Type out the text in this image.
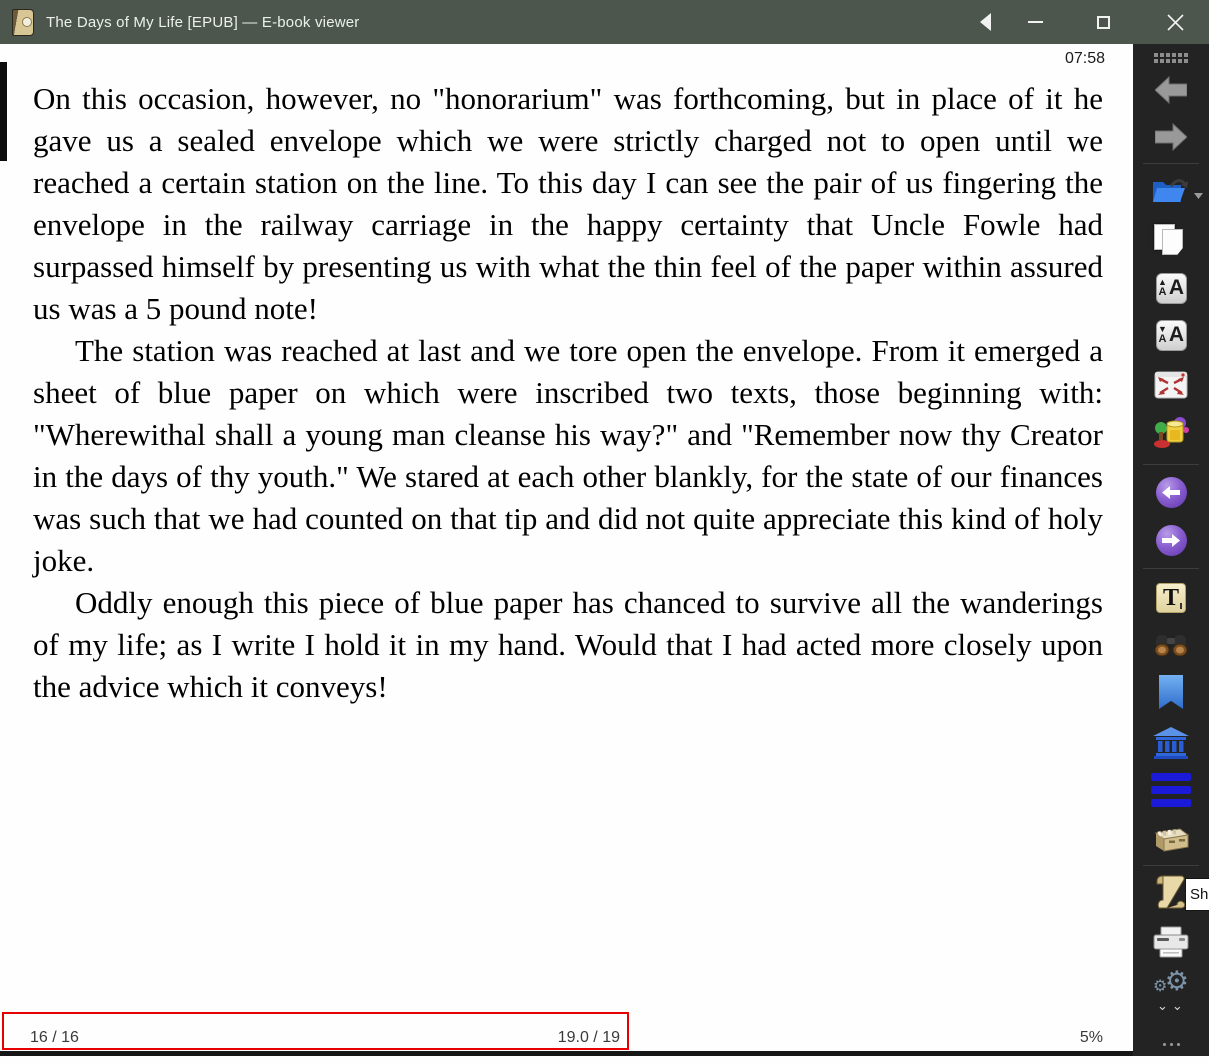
The Days of My Life [EPUB] — E-book viewer
07:58

On this occasion, however, no "honorarium" was forthcoming, but in place of it he gave us a sealed envelope which we were strictly charged not to open until we reached a certain station on the line. To this day I can see the pair of us fingering the envelope in the railway carriage in the happy certainty that Uncle Fowle had surpassed himself by presenting us with what the thin feel of the paper within assured us was a 5 pound note!

The station was reached at last and we tore open the envelope. From it emerged a sheet of blue paper on which were inscribed two texts, those beginning with: "Wherewithal shall a young man cleanse his way?" and "Remember now thy Creator in the days of thy youth." We stared at each other blankly, for the state of our finances was such that we had counted on that tip and did not quite appreciate this kind of holy joke.

Oddly enough this piece of blue paper has chanced to survive all the wanderings of my life; as I write I hold it in my hand. Would that I had acted more closely upon the advice which it conveys!

16 / 16	19.0 / 19	5%
▲
A A
▼
A A
T
⚙
⚙
⌄⌄
Sh
